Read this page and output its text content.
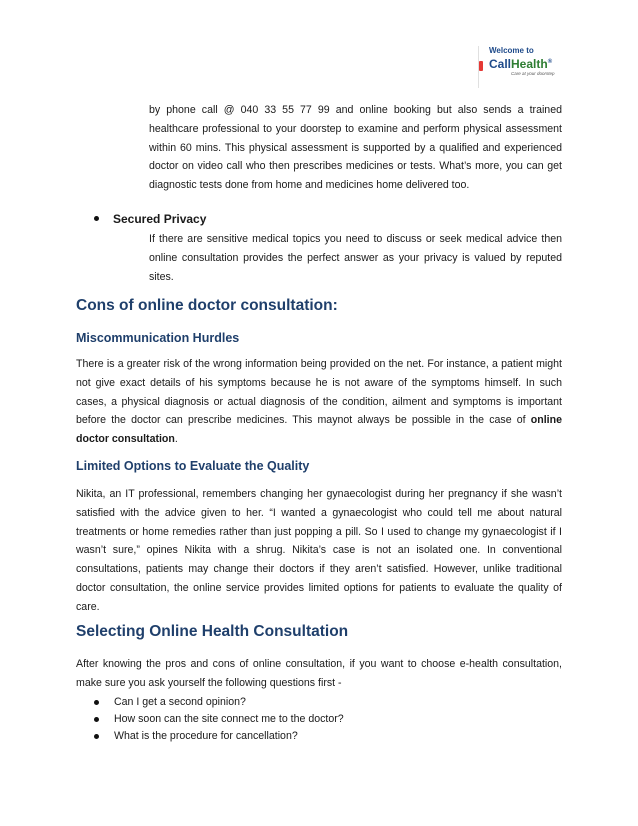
Welcome to
CallHealth®
Care at your doorstep
by phone call @ 040 33 55 77 99 and online booking but also sends a trained healthcare professional to your doorstep to examine and perform physical assessment within 60 mins. This physical assessment is supported by a qualified and experienced doctor on video call who then prescribes medicines or tests. What’s more, you can get diagnostic tests done from home and medicines home delivered too.
Secured Privacy
If there are sensitive medical topics you need to discuss or seek medical advice then online consultation provides the perfect answer as your privacy is valued by reputed sites.
Cons of online doctor consultation:
Miscommunication Hurdles
There is a greater risk of the wrong information being provided on the net. For instance, a patient might not give exact details of his symptoms because he is not aware of the symptoms himself. In such cases, a physical diagnosis or actual diagnosis of the condition, ailment and symptoms is important before the doctor can prescribe medicines. This maynot always be possible in the case of online doctor consultation.
Limited Options to Evaluate the Quality
Nikita, an IT professional, remembers changing her gynaecologist during her pregnancy if she wasn’t satisfied with the advice given to her. “I wanted a gynaecologist who could tell me about natural treatments or home remedies rather than just popping a pill. So I used to change my gynaecologist if I wasn’t sure,” opines Nikita with a shrug. Nikita’s case is not an isolated one. In conventional consultations, patients may change their doctors if they aren’t satisfied. However, unlike traditional doctor consultation, the online service provides limited options for patients to evaluate the quality of care.
Selecting Online Health Consultation
After knowing the pros and cons of online consultation, if you want to choose e-health consultation, make sure you ask yourself the following questions first -
Can I get a second opinion?
How soon can the site connect me to the doctor?
What is the procedure for cancellation?
